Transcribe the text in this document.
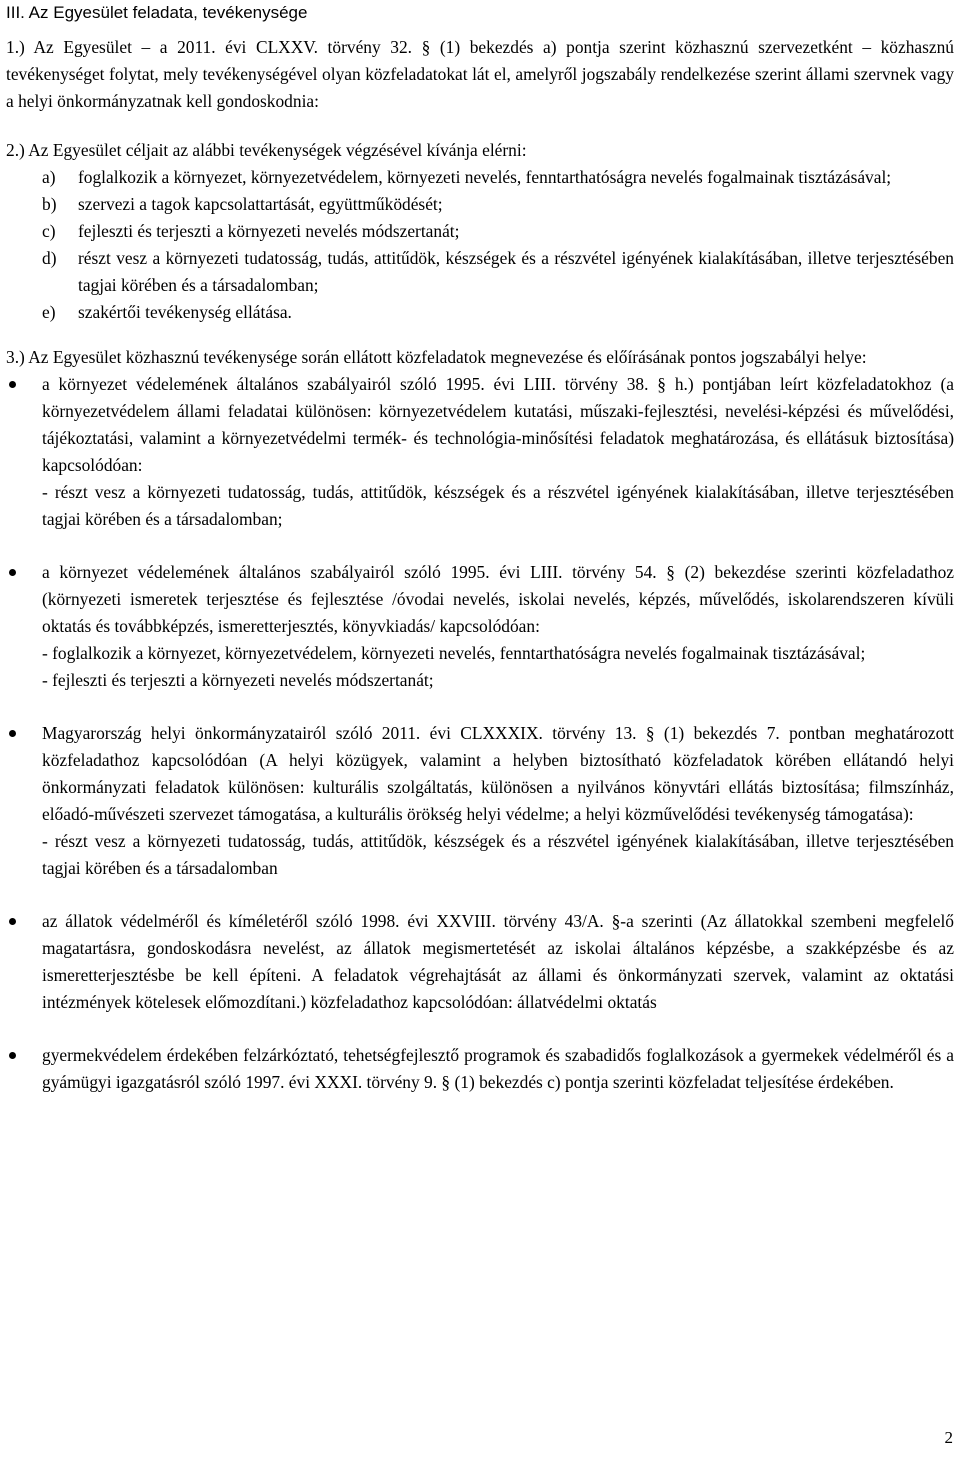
III. Az Egyesület feladata, tevékenysége
1.) Az Egyesület – a 2011. évi CLXXV. törvény 32. § (1) bekezdés a) pontja szerint közhasznú szervezetként – közhasznú tevékenységet folytat, mely tevékenységével olyan közfeladatokat lát el, amelyről jogszabály rendelkezése szerint állami szervnek vagy a helyi önkormányzatnak kell gondoskodnia:
2.) Az Egyesület céljait az alábbi tevékenységek végzésével kívánja elérni:
a)	foglalkozik a környezet, környezetvédelem, környezeti nevelés, fenntarthatóságra nevelés fogalmainak tisztázásával;
b)	szervezi a tagok kapcsolattartását, együttműködését;
c)	fejleszti és terjeszti a környezeti nevelés módszertanát;
d)	részt vesz a környezeti tudatosság, tudás, attitűdök, készségek és a részvétel igényének kialakításában, illetve terjesztésében tagjai körében és a társadalomban;
e)	szakértői tevékenység ellátása.
3.) Az Egyesület közhasznú tevékenysége során ellátott közfeladatok megnevezése és előírásának pontos jogszabályi helye:
a környezet védelemének általános szabályairól szóló 1995. évi LIII. törvény 38. § h.) pontjában leírt közfeladatokhoz (a környezetvédelem állami feladatai különösen: környezetvédelem kutatási, műszaki-fejlesztési, nevelési-képzési és művelődési, tájékoztatási, valamint a környezetvédelmi termék- és technológia-minősítési feladatok meghatározása, és ellátásuk biztosítása) kapcsolódóan:
- részt vesz a környezeti tudatosság, tudás, attitűdök, készségek és a részvétel igényének kialakításában, illetve terjesztésében tagjai körében és a társadalomban;
a környezet védelemének általános szabályairól szóló 1995. évi LIII. törvény 54. § (2) bekezdése szerinti közfeladathoz (környezeti ismeretek terjesztése és fejlesztése /óvodai nevelés, iskolai nevelés, képzés, művelődés, iskolarendszeren kívüli oktatás és továbbképzés, ismeretterjesztés, könyvkiadás/ kapcsolódóan:
- foglalkozik a környezet, környezetvédelem, környezeti nevelés, fenntarthatóságra nevelés fogalmainak tisztázásával;
- fejleszti és terjeszti a környezeti nevelés módszertanát;
Magyarország helyi önkormányzatairól szóló 2011. évi CLXXXIX. törvény 13. § (1) bekezdés 7. pontban meghatározott közfeladathoz kapcsolódóan (A helyi közügyek, valamint a helyben biztosítható közfeladatok körében ellátandó helyi önkormányzati feladatok különösen: kulturális szolgáltatás, különösen a nyilvános könyvtári ellátás biztosítása; filmszínház, előadó-művészeti szervezet támogatása, a kulturális örökség helyi védelme; a helyi közművelődési tevékenység támogatása):
- részt vesz a környezeti tudatosság, tudás, attitűdök, készségek és a részvétel igényének kialakításában, illetve terjesztésében tagjai körében és a társadalomban
az állatok védelméről és kíméletéről szóló 1998. évi XXVIII. törvény 43/A. §-a szerinti (Az állatokkal szembeni megfelelő magatartásra, gondoskodásra nevelést, az állatok megismertetését az iskolai általános képzésbe, a szakképzésbe és az ismeretterjesztésbe be kell építeni. A feladatok végrehajtását az állami és önkormányzati szervek, valamint az oktatási intézmények kötelesek előmozdítani.) közfeladathoz kapcsolódóan: állatvédelmi oktatás
gyermekvédelem érdekében felzárkóztató, tehetségfejlesztő programok és szabadidős foglalkozások a gyermekek védelméről és a gyámügyi igazgatásról szóló 1997. évi XXXI. törvény 9. § (1) bekezdés c) pontja szerinti közfeladat teljesítése érdekében.
2
